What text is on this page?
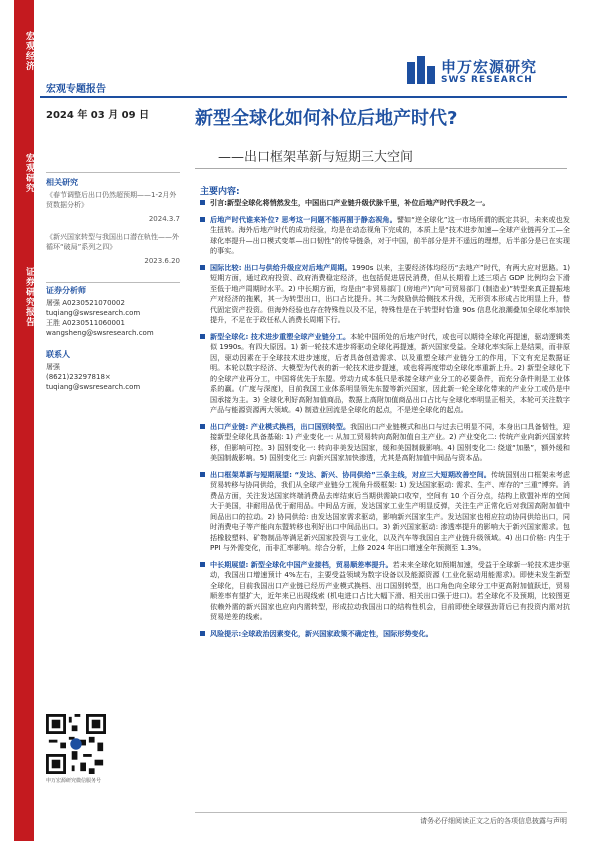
宏观经济
宏观研究
证券研究报告
申万宏源研究
SWS RESEARCH
宏观专题报告
2024 年 03 月 09 日	新型全球化如何补位后地产时代?
——出口框架革新与短期三大空间
相关研究
《春节调整后出口仍然超预期——1-2月外贸数据分析》
2024.3.7
《新兴国家转型与我国出口潜在轨性——外循环“破局”系列之四》
2023.6.20
证券分析师
屠强 A0230521070002
tuqiang@swsresearch.com
王胜 A0230511060001
wangsheng@swsresearch.com
联系人
屠强
(8621)23297818×
tuqiang@swsresearch.com
申万宏源研究微信服务号
主要内容:
引言:新型全球化将悄然发生，中国出口产业链升级伏脉千里，补位后地产时代手段之一。
后地产时代谁来补位? 思考这一问题不能再囿于静态视角。譬如“逆全球化”这一市场所谓的既定共识，未来或也发生扭转。海外后地产时代的成功经验，均是在动态视角下完成的，本质上是“技术进步加速—全球产业链再分工—全球化率提升—出口模式变革—出口韧性”的传导链条，对于中国，前半部分是并不遥远的理想，后半部分是已在实现的事实。
国际比较: 出口与供给升级应对后地产周期。1990s 以来，主要经济体均经历“去地产”时代，有两大应对思路。1) 短期方面，通过政府投资、政府消费稳定经济，也包括促进居民消费，但从长期看上述三项占 GDP 比例均会下滑至低于地产周期时水平。2) 中长期方面，均是由“非贸易部门 (房地产)”向“可贸易部门 (制造业)”转型来真正提振地产对经济的拖累，其一为转型出口，出口占比提升。其二为鼓励供给侧技术升级，无形资本形成占比明显上升，替代固定资产投资。但海外经验也存在特殊性以及不足，特殊性是在于转型时恰逢 90s 信息化浪潮叠加全球化率加快提升，不足在于政任私人消费长周期下行。
新型全球化: 技术进步重塑全球产业链分工。本轮中国所处的后地产时代，或也可以期待全球化再提速，驱动逻辑类似 1990s。有四大原因。1) 新一轮技术进步将驱动全球化再提速，新兴国家受益。全球化率实际上是结果，而非原因，驱动因素在于全球技术进步速度，后者具备创造需求、以及重塑全球产业链分工的作用，下文有充足数据证明。本轮以数字经济、大模型为代表的新一轮技术进步提速，或也将再度带动全球化率重新上升。2) 新型全球化下的全球产业再分工，中国将优先于东盟。劳动力成本低只是承接全球产业分工的必要条件，而充分条件则是工业体系的赢。(广度与深度)，目前我国工业体系明显领先东盟等新兴国家，因此新一轮全球化带来的产业分工或仍是中国承接为主。3) 全球化利好高附加值商品，数据上高附加值商品出口占比与全球化率明显正相关，本轮可关注数字产品与能源资源两大领域。4) 制造业回流是全球化的起点，不是逆全球化的起点。
出口产业链: 产业模式换档，出口国别转型。我国出口产业链模式和出口与过去已明显不同，本身出口具备韧性，迎接新型全球化具备基础: 1) 产业变化一: 从加工贸易转向高附加值自主产业。2) 产业变化二: 传统产业向新兴国家转移，但影响可控。3) 国别变化一: 转向非美发达国家，缓和美国制裁影响。4) 国别变化二: 绕道“加墨”，额外缓和美国制裁影响。5) 国别变化三: 向新兴国家加快渗透，尤其是高附加值中间品与资本品。
出口框架革新与短期展望: “发达、新兴、协同供给”三条主线，对应三大短期改善空间。传统国别出口框架未考虑贸易转移与协同供给，我们从全球产业链分工视角升级框架: 1) 发达国家驱动: 需求、生产、库存的“三重”博弈。消费品方面，关注发达国家终端消费品去库结束后当期供需缺口收窄，空间有 10 个百分点，结构上欧盟补库的空间大于美国，非耐用品优于耐用品。中间品方面，发达国家工业生产明显反弹，关注生产正常化后对我国高附加值中间品出口的拉动。2) 协同供给: 由发达国家需求驱动，影响新兴国家生产。发达国家也相应拉动协同供给出口，同时消费电子等产能向东盟转移也利好出口中间品出口。3) 新兴国家驱动: 渗透率提升的影响大于新兴国家需求。包括橡胶塑料、矿物制品等满足新兴国家投资与工业化，以及汽车等我国自主产业链升级领域。4) 出口价格: 内生于 PPI 与外需变化，而非汇率影响。综合分析，上修 2024 年出口增速全年预测至 1.3%。
中长期展望: 新型全球化中国产业接档，贸易顺差率提升。若未来全球化如预期加速，受益于全球新一轮技术进步驱动，我国出口增速预计 4%左右，主要受益领域为数字设备以及能源资源 (工业化驱动用能需求)。即使未发生新型全球化，目前我国出口产业链已经历产业模式换档、出口国别转型，出口角色向全球分工中更高附加值跃迁，贸易顺差率有望扩大，近年来已出现线索 (机电进口占比大幅下滑、相关出口强于进口)。若全球化不及预期，比较图更依赖外需的新兴国家也应向内需转型，形成拉动我国出口的结构性机会，目前即使全球强劲背后已有投资内需对抗贸易逆差的线索。
风险提示:全球政治因素变化，新兴国家政策不确定性，国际形势变化。
请务必仔细阅读正文之后的各项信息披露与声明
